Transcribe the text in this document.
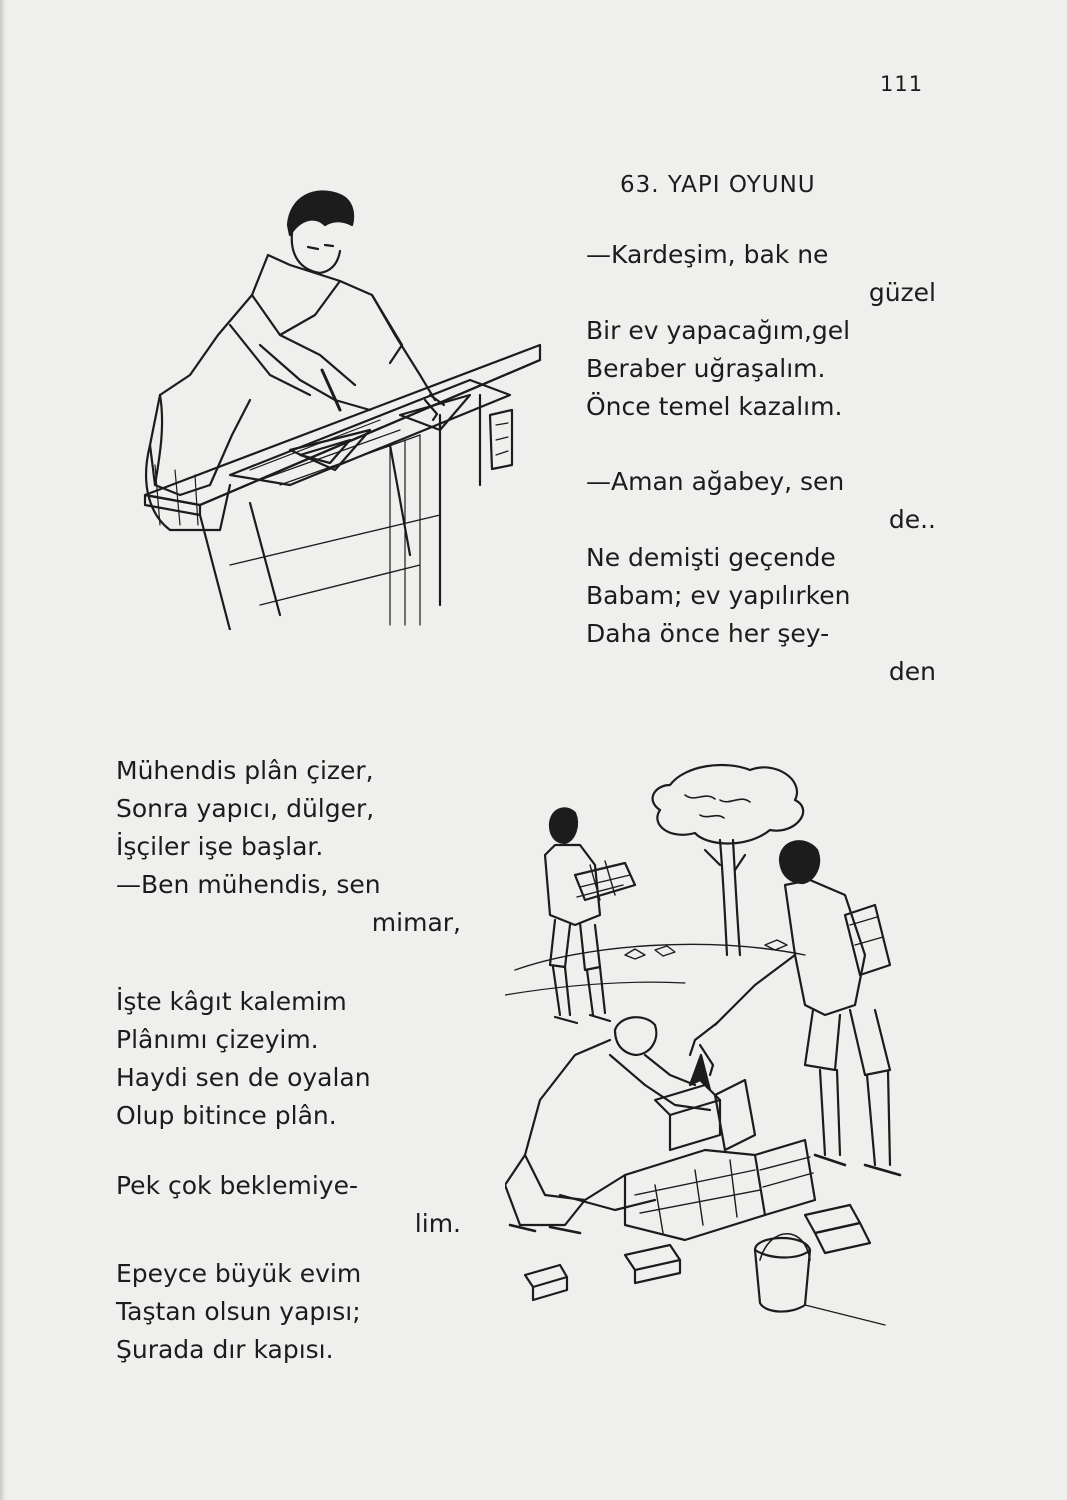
111
63. YAPI OYUNU
—Kardeşim, bak ne
güzel
Bir ev yapacağım,gel
Beraber uğraşalım.
Önce temel kazalım.
—Aman ağabey, sen
de..
Ne demişti geçende
Babam; ev yapılırken
Daha önce her şey-
den
Mühendis plân çizer,
Sonra yapıcı, dülger,
İşçiler işe başlar.
—Ben mühendis, sen
mimar,
İşte kâgıt kalemim
Plânımı çizeyim.
Haydi sen de oyalan
Olup bitince plân.
Pek çok beklemiye-
lim.
Epeyce büyük evim
Taştan olsun yapısı;
Şurada dır kapısı.
